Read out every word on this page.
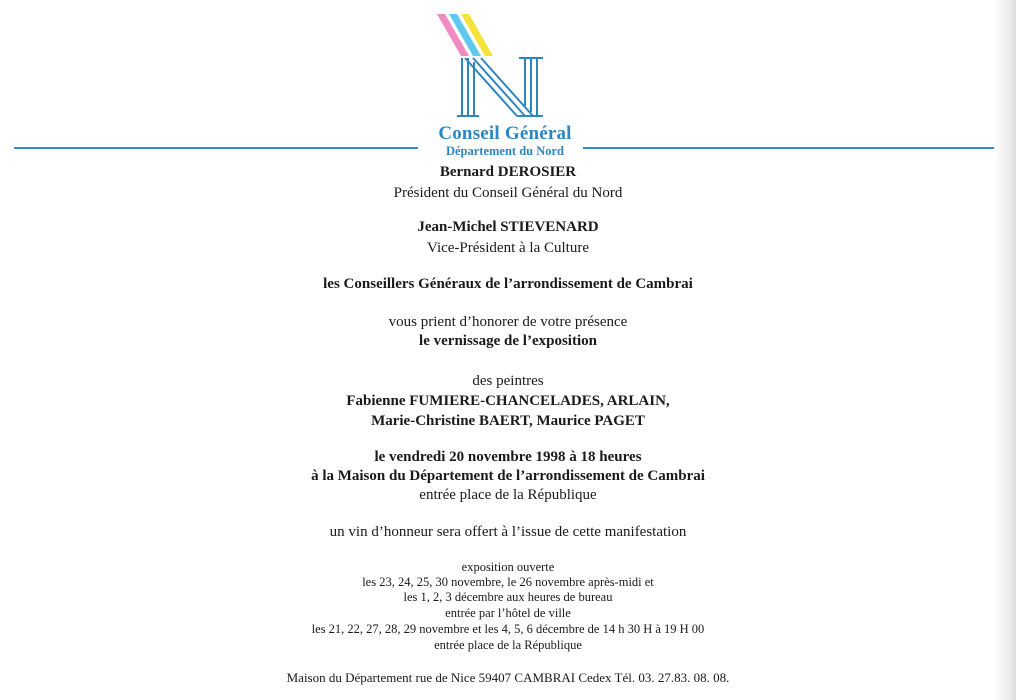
Conseil Général
Département du Nord
Bernard DEROSIER
Président du Conseil Général du Nord
Jean-Michel STIEVENARD
Vice-Président à la Culture
les Conseillers Généraux de l’arrondissement de Cambrai
vous prient d’honorer de votre présence
le vernissage de l’exposition
des peintres
Fabienne FUMIERE-CHANCELADES, ARLAIN,
Marie-Christine BAERT, Maurice PAGET
le vendredi 20 novembre 1998 à 18 heures
à la Maison du Département de l’arrondissement de Cambrai
entrée place de la République
un vin d’honneur sera offert à l’issue de cette manifestation
exposition ouverte
les 23, 24, 25, 30 novembre, le 26 novembre après-midi et
les 1, 2, 3 décembre aux heures de bureau
entrée par l’hôtel de ville
les 21, 22, 27, 28, 29 novembre et les 4, 5, 6 décembre de 14 h 30 H à 19 H 00
entrée place de la République
Maison du Département rue de Nice 59407 CAMBRAI Cedex Tél. 03. 27.83. 08. 08.
